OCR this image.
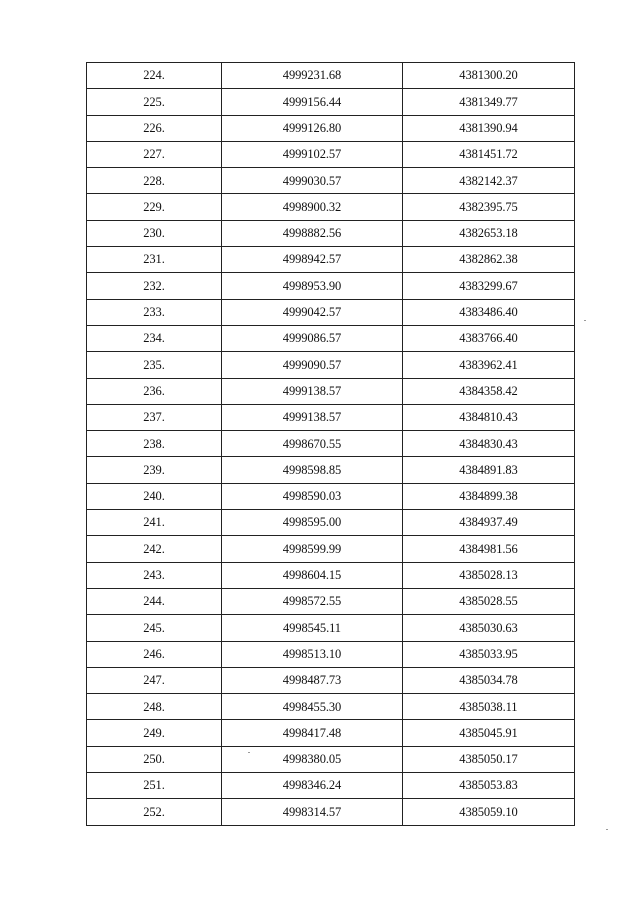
224.	4999231.68	4381300.20
225.	4999156.44	4381349.77
226.	4999126.80	4381390.94
227.	4999102.57	4381451.72
228.	4999030.57	4382142.37
229.	4998900.32	4382395.75
230.	4998882.56	4382653.18
231.	4998942.57	4382862.38
232.	4998953.90	4383299.67
233.	4999042.57	4383486.40
234.	4999086.57	4383766.40
235.	4999090.57	4383962.41
236.	4999138.57	4384358.42
237.	4999138.57	4384810.43
238.	4998670.55	4384830.43
239.	4998598.85	4384891.83
240.	4998590.03	4384899.38
241.	4998595.00	4384937.49
242.	4998599.99	4384981.56
243.	4998604.15	4385028.13
244.	4998572.55	4385028.55
245.	4998545.11	4385030.63
246.	4998513.10	4385033.95
247.	4998487.73	4385034.78
248.	4998455.30	4385038.11
249.	4998417.48	4385045.91
250.	4998380.05	4385050.17
251.	4998346.24	4385053.83
252.	4998314.57	4385059.10
